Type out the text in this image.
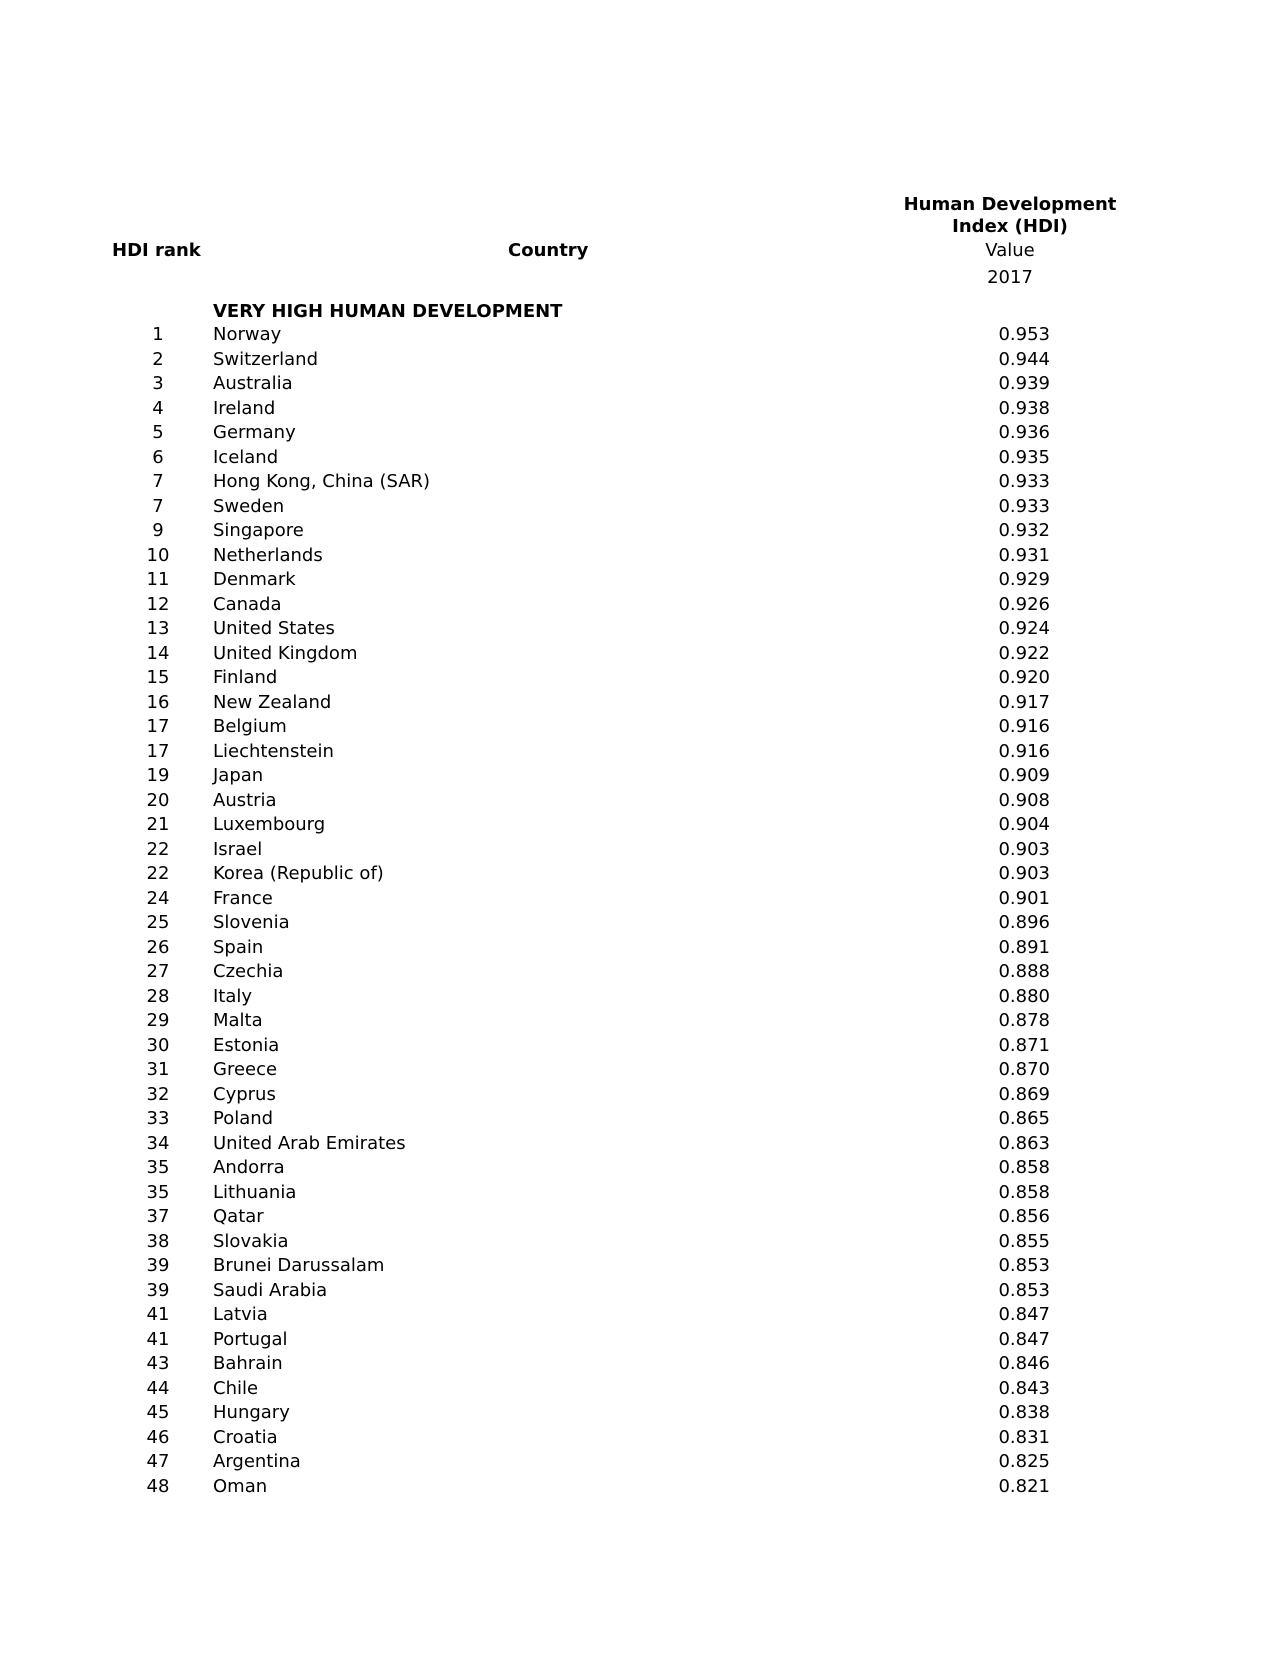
HDI rank	Country
Human Development
Index (HDI)
Value
2017
VERY HIGH HUMAN DEVELOPMENT
1	Norway	0.953
2	Switzerland	0.944
3	Australia	0.939
4	Ireland	0.938
5	Germany	0.936
6	Iceland	0.935
7	Hong Kong, China (SAR)	0.933
7	Sweden	0.933
9	Singapore	0.932
10	Netherlands	0.931
11	Denmark	0.929
12	Canada	0.926
13	United States	0.924
14	United Kingdom	0.922
15	Finland	0.920
16	New Zealand	0.917
17	Belgium	0.916
17	Liechtenstein	0.916
19	Japan	0.909
20	Austria	0.908
21	Luxembourg	0.904
22	Israel	0.903
22	Korea (Republic of)	0.903
24	France	0.901
25	Slovenia	0.896
26	Spain	0.891
27	Czechia	0.888
28	Italy	0.880
29	Malta	0.878
30	Estonia	0.871
31	Greece	0.870
32	Cyprus	0.869
33	Poland	0.865
34	United Arab Emirates	0.863
35	Andorra	0.858
35	Lithuania	0.858
37	Qatar	0.856
38	Slovakia	0.855
39	Brunei Darussalam	0.853
39	Saudi Arabia	0.853
41	Latvia	0.847
41	Portugal	0.847
43	Bahrain	0.846
44	Chile	0.843
45	Hungary	0.838
46	Croatia	0.831
47	Argentina	0.825
48	Oman	0.821
